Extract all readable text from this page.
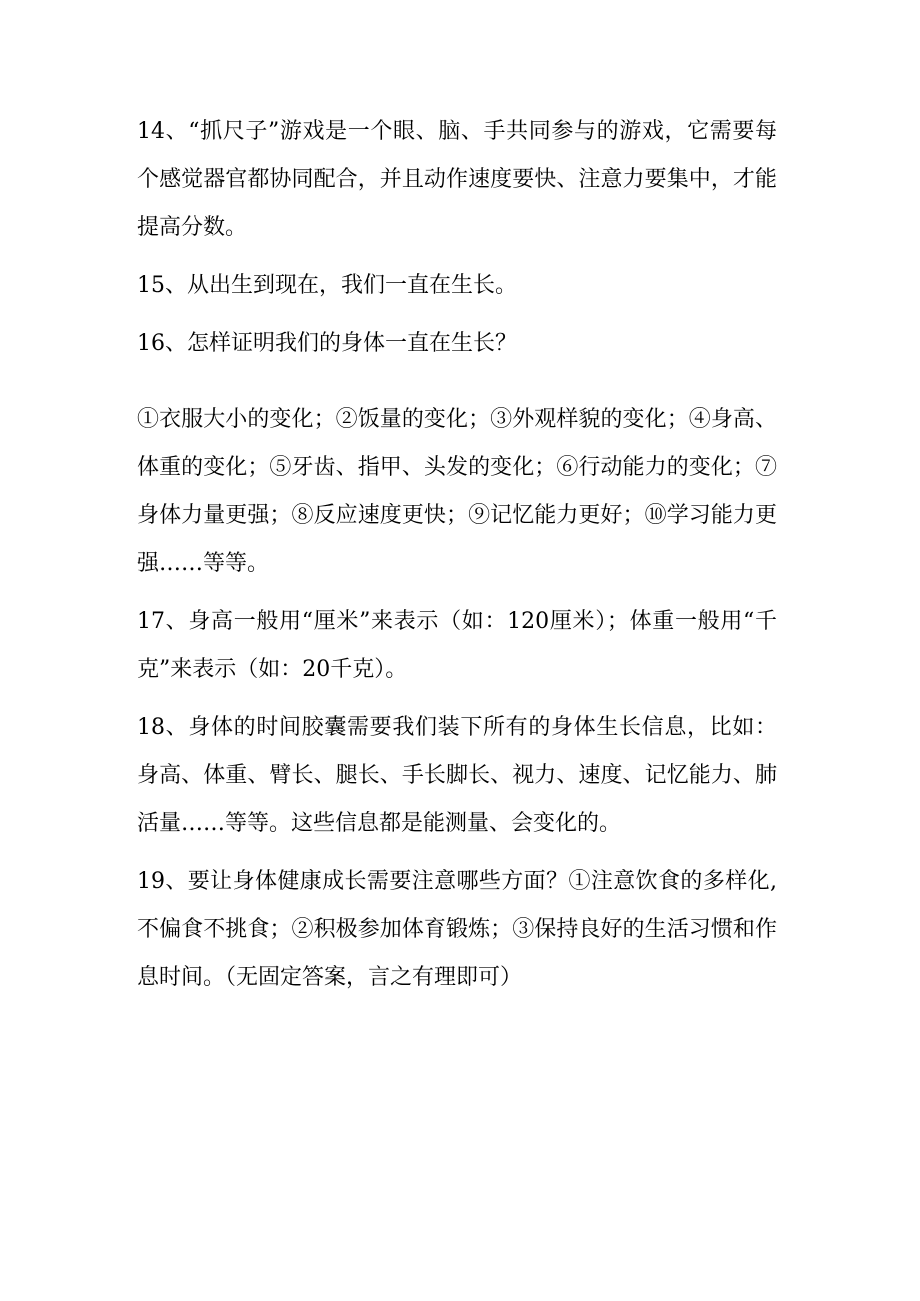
14、“抓尺子”游戏是一个眼、脑、手共同参与的游戏，它需要每个感觉器官都协同配合，并且动作速度要快、注意力要集中，才能提高分数。

15、从出生到现在，我们一直在生长。

16、怎样证明我们的身体一直在生长？

①衣服大小的变化；②饭量的变化；③外观样貌的变化；④身高、体重的变化；⑤牙齿、指甲、头发的变化；⑥行动能力的变化；⑦身体力量更强；⑧反应速度更快；⑨记忆能力更好；⑩学习能力更强……等等。

17、身高一般用“厘米”来表示（如：120厘米）；体重一般用“千克”来表示（如：20千克）。

18、身体的时间胶囊需要我们装下所有的身体生长信息，比如：身高、体重、臂长、腿长、手长脚长、视力、速度、记忆能力、肺活量……等等。这些信息都是能测量、会变化的。

19、要让身体健康成长需要注意哪些方面？①注意饮食的多样化,不偏食不挑食；②积极参加体育锻炼；③保持良好的生活习惯和作息时间。（无固定答案，言之有理即可）
